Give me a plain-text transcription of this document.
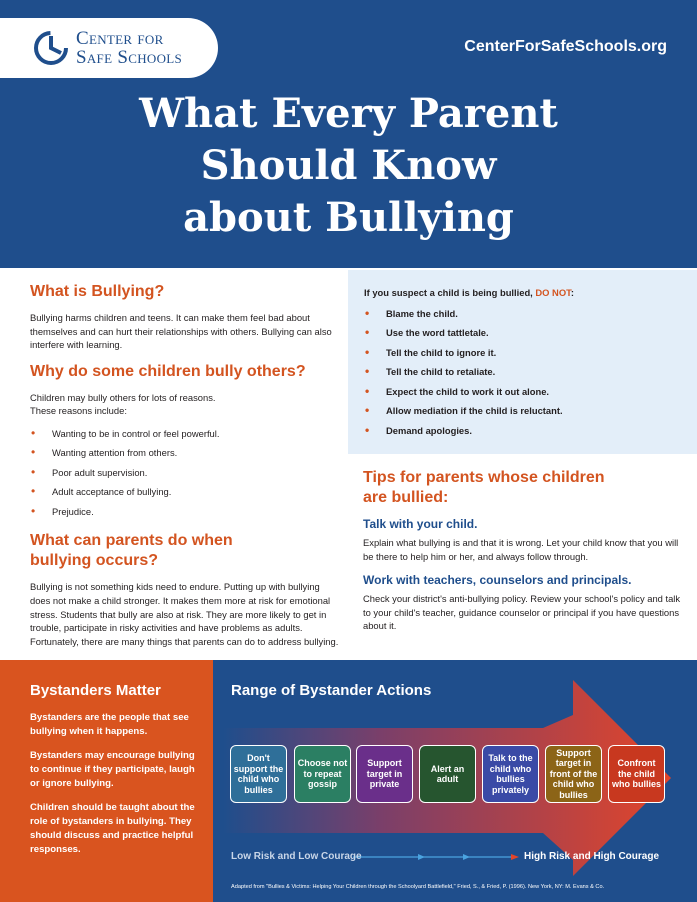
Center for
Safe Schools
CenterForSafeSchools.org
What Every Parent
Should Know
about Bullying
What is Bullying?
Bullying harms children and teens. It can make them feel bad about themselves and can hurt their relationships with others. Bullying can also interfere with learning.
Why do some children bully others?
Children may bully others for lots of reasons.
These reasons include:
• Wanting to be in control or feel powerful.
• Wanting attention from others.
• Poor adult supervision.
• Adult acceptance of bullying.
• Prejudice.
What can parents do when
bullying occurs?
Bullying is not something kids need to endure. Putting up with bullying does not make a child stronger. It makes them more at risk for emotional stress. Students that bully are also at risk. They are more likely to get in trouble, participate in risky activities and have problems as adults. Fortunately, there are many things that parents can do to address bullying.
If you suspect a child is being bullied, DO NOT:
• Blame the child.
• Use the word tattletale.
• Tell the child to ignore it.
• Tell the child to retaliate.
• Expect the child to work it out alone.
• Allow mediation if the child is reluctant.
• Demand apologies.
Tips for parents whose children
are bullied:
Talk with your child.
Explain what bullying is and that it is wrong. Let your child know that you will be there to help him or her, and always follow through.
Work with teachers, counselors and principals.
Check your district's anti-bullying policy. Review your school's policy and talk to your child's teacher, guidance counselor or principal if you have questions about it.
Bystanders Matter
Bystanders are the people that see bullying when it happens.
Bystanders may encourage bullying to continue if they participate, laugh or ignore bullying.
Children should be taught about the role of bystanders in bullying. They should discuss and practice helpful responses.
Range of Bystander Actions
Don't support the child who bullies
Choose not to repeat gossip
Support target in private
Alert an adult
Talk to the child who bullies privately
Support target in front of the child who bullies
Confront the child who bullies
Low Risk and Low Courage	High Risk and High Courage
Adapted from "Bullies & Victims: Helping Your Children through the Schoolyard Battlefield," Fried, S., & Fried, P. (1996). New York, NY: M. Evans & Co.
